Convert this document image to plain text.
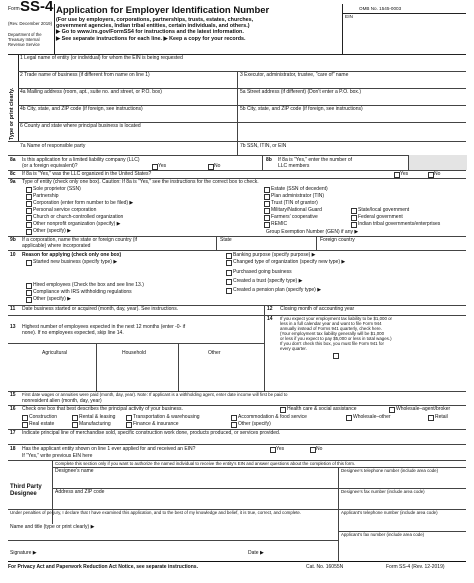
Form SS-4
(Rev. December 2019)
Department of the Treasury Internal Revenue Service
Application for Employer Identification Number
(For use by employers, corporations, partnerships, trusts, estates, churches,
government agencies, Indian tribal entities, certain individuals, and others.)
▶ Go to www.irs.gov/FormSS4 for instructions and the latest information.
▶ See separate instructions for each line. ▶ Keep a copy for your records.
OMB No. 1545-0003
EIN
Type or print clearly.
1 Legal name of entity (or individual) for whom the EIN is being requested
2 Trade name of business (if different from name on line 1)	3 Executor, administrator, trustee, “care of” name
4a Mailing address (room, apt., suite no. and street, or P.O. box)	5a Street address (if different) (Don’t enter a P.O. box.)
4b City, state, and ZIP code (if foreign, see instructions)	5b City, state, and ZIP code (if foreign, see instructions)
6 County and state where principal business is located
7a Name of responsible party	7b SSN, ITIN, or EIN
8a Is this application for a limited liability company (LLC)
(or a foreign equivalent)?	Yes	No
8b If 8a is “Yes,” enter the number of
LLC members
8c If 8a is “Yes,” was the LLC organized in the United States?	Yes	No
9a Type of entity (check only one box). Caution: If 8a is “Yes,” see the instructions for the correct box to check.
Sole proprietor (SSN)
Partnership
Corporation (enter form number to be filed) ▶
Personal service corporation
Church or church-controlled organization
Other nonprofit organization (specify) ▶
Other (specify) ▶
Estate (SSN of decedent)
Plan administrator (TIN)
Trust (TIN of grantor)
Military/National Guard
Farmers’ cooperative
REMIC
State/local government
Federal government
Indian tribal governments/enterprises
Group Exemption Number (GEN) if any ▶
9b If a corporation, name the state or foreign country (if
applicable) where incorporated
State	Foreign country
10 Reason for applying (check only one box)
Started new business (specify type) ▶
Hired employees (Check the box and see line 13.)
Compliance with IRS withholding regulations
Other (specify) ▶
Banking purpose (specify purpose) ▶
Changed type of organization (specify new type) ▶
Purchased going business
Created a trust (specify type) ▶
Created a pension plan (specify type) ▶
11 Date business started or acquired (month, day, year). See instructions.	12 Closing month of accounting year
13 Highest number of employees expected in the next 12 months (enter -0- if
none). If no employees expected, skip line 14.
Agricultural	Household	Other
14 If you expect your employment tax liability to be $1,000 or
less in a full calendar year and want to file Form 944
annually instead of Forms 941 quarterly, check here.
(Your employment tax liability generally will be $1,000
or less if you expect to pay $5,000 or less in total wages.)
If you don’t check this box, you must file Form 941 for
every quarter.
15 First date wages or annuities were paid (month, day, year). Note: If applicant is a withholding agent, enter date income will first be paid to
nonresident alien (month, day, year)
16 Check one box that best describes the principal activity of your business.	Health care & social assistance	Wholesale–agent/broker
Construction	Rental & leasing	Transportation & warehousing	Accommodation & food service	Wholesale–other	Retail
Real estate	Manufacturing	Finance & insurance	Other (specify)
17 Indicate principal line of merchandise sold, specific construction work done, products produced, or services provided.
18 Has the applicant entity shown on line 1 ever applied for and received an EIN?	Yes	No
If “Yes,” write previous EIN here
Third Party Designee
Complete this section only if you want to authorize the named individual to receive the entity’s EIN and answer questions about the completion of this form.
Designee’s name	Designee’s telephone number (include area code)
Address and ZIP code	Designee’s fax number (include area code)
Under penalties of perjury, I declare that I have examined this application, and to the best of my knowledge and belief, it is true, correct, and complete.	Applicant’s telephone number (include area code)
Name and title (type or print clearly) ▶
Applicant’s fax number (include area code)
Signature ▶	Date ▶
For Privacy Act and Paperwork Reduction Act Notice, see separate instructions.	Cat. No. 16055N	Form SS-4 (Rev. 12-2019)
